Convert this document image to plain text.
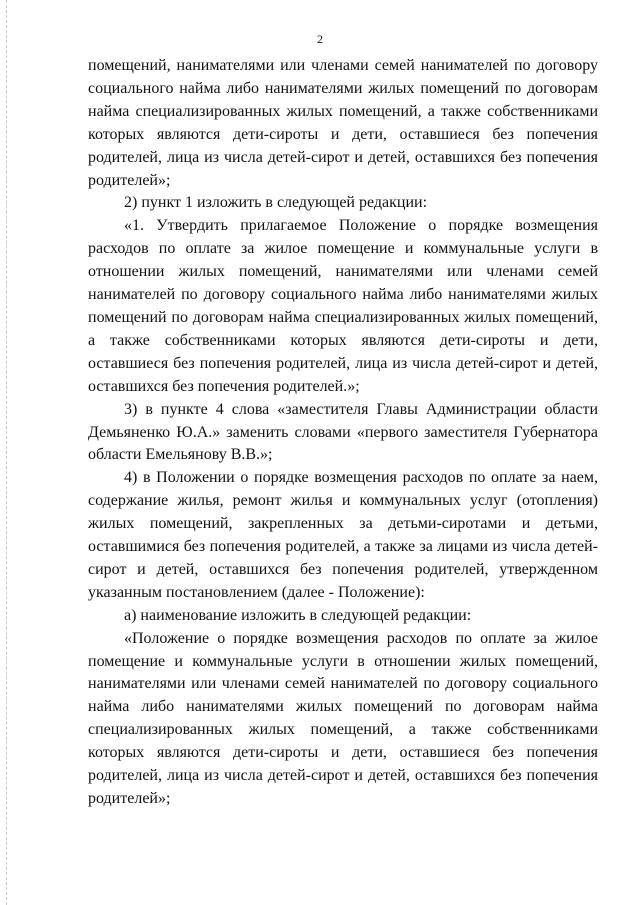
2

помещений, нанимателями или членами семей нанимателей по договору социального найма либо нанимателями жилых помещений по договорам найма специализированных жилых помещений, а также собственниками которых являются дети-сироты и дети, оставшиеся без попечения родителей, лица из числа детей-сирот и детей, оставшихся без попечения родителей»;

2) пункт 1 изложить в следующей редакции:

«1. Утвердить прилагаемое Положение о порядке возмещения расходов по оплате за жилое помещение и коммунальные услуги в отношении жилых помещений, нанимателями или членами семей нанимателей по договору социального найма либо нанимателями жилых помещений по договорам найма специализированных жилых помещений, а также собственниками которых являются дети-сироты и дети, оставшиеся без попечения родителей, лица из числа детей-сирот и детей, оставшихся без попечения родителей.»;

3) в пункте 4 слова «заместителя Главы Администрации области Демьяненко Ю.А.» заменить словами «первого заместителя Губернатора области Емельянову В.В.»;

4) в Положении о порядке возмещения расходов по оплате за наем, содержание жилья, ремонт жилья и коммунальных услуг (отопления) жилых помещений, закрепленных за детьми-сиротами и детьми, оставшимися без попечения родителей, а также за лицами из числа детей-сирот и детей, оставшихся без попечения родителей, утвержденном указанным постановлением (далее - Положение):

а) наименование изложить в следующей редакции:

«Положение о порядке возмещения расходов по оплате за жилое помещение и коммунальные услуги в отношении жилых помещений, нанимателями или членами семей нанимателей по договору социального найма либо нанимателями жилых помещений по договорам найма специализированных жилых помещений, а также собственниками которых являются дети-сироты и дети, оставшиеся без попечения родителей, лица из числа детей-сирот и детей, оставшихся без попечения родителей»;
